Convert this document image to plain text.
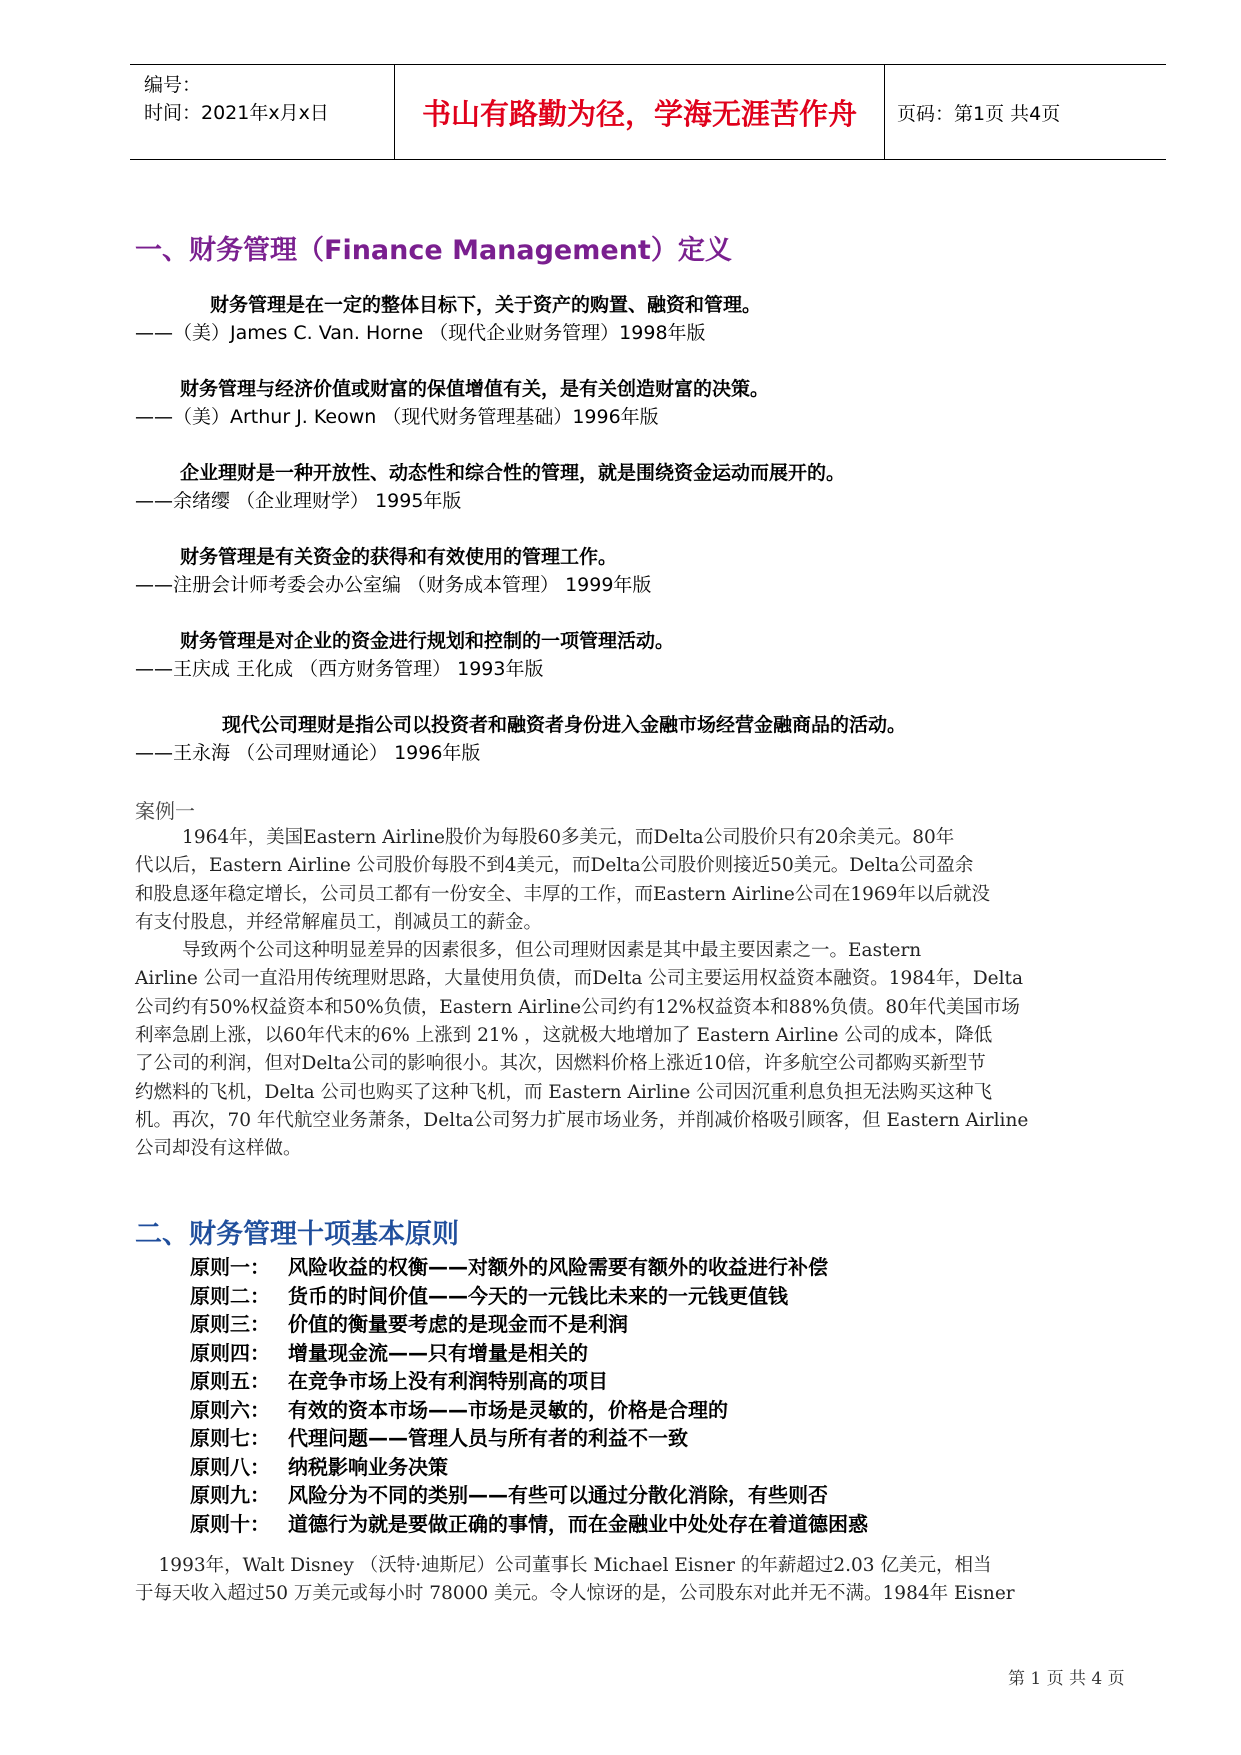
编号：
时间：2021年x月x日	书山有路勤为径，学海无涯苦作舟	页码：第1页 共4页
一、财务管理（Finance Management）定义
财务管理是在一定的整体目标下，关于资产的购置、融资和管理。
——（美）James C. Van. Horne （现代企业财务管理）1998年版
财务管理与经济价值或财富的保值增值有关，是有关创造财富的决策。
——（美）Arthur J. Keown （现代财务管理基础）1996年版
企业理财是一种开放性、动态性和综合性的管理，就是围绕资金运动而展开的。
——余绪缨 （企业理财学） 1995年版
财务管理是有关资金的获得和有效使用的管理工作。
——注册会计师考委会办公室编 （财务成本管理） 1999年版
财务管理是对企业的资金进行规划和控制的一项管理活动。
——王庆成 王化成 （西方财务管理） 1993年版
现代公司理财是指公司以投资者和融资者身份进入金融市场经营金融商品的活动。
——王永海 （公司理财通论） 1996年版
案例一
1964年，美国Eastern Airline股价为每股60多美元，而Delta公司股价只有20余美元。80年
代以后，Eastern Airline 公司股价每股不到4美元，而Delta公司股价则接近50美元。Delta公司盈余
和股息逐年稳定增长，公司员工都有一份安全、丰厚的工作，而Eastern Airline公司在1969年以后就没
有支付股息，并经常解雇员工，削减员工的薪金。
导致两个公司这种明显差异的因素很多，但公司理财因素是其中最主要因素之一。Eastern
Airline 公司一直沿用传统理财思路，大量使用负债，而Delta 公司主要运用权益资本融资。1984年，Delta
公司约有50%权益资本和50%负债，Eastern Airline公司约有12%权益资本和88%负债。80年代美国市场
利率急剧上涨，以60年代末的6% 上涨到 21% ，这就极大地增加了 Eastern Airline 公司的成本，降低
了公司的利润，但对Delta公司的影响很小。其次，因燃料价格上涨近10倍，许多航空公司都购买新型节
约燃料的飞机，Delta 公司也购买了这种飞机，而 Eastern Airline 公司因沉重利息负担无法购买这种飞
机。再次，70 年代航空业务萧条，Delta公司努力扩展市场业务，并削减价格吸引顾客，但 Eastern Airline
公司却没有这样做。
二、财务管理十项基本原则
原则一： 风险收益的权衡——对额外的风险需要有额外的收益进行补偿
原则二： 货币的时间价值——今天的一元钱比未来的一元钱更值钱
原则三： 价值的衡量要考虑的是现金而不是利润
原则四： 增量现金流——只有增量是相关的
原则五： 在竞争市场上没有利润特别高的项目
原则六： 有效的资本市场——市场是灵敏的，价格是合理的
原则七： 代理问题——管理人员与所有者的利益不一致
原则八： 纳税影响业务决策
原则九： 风险分为不同的类别——有些可以通过分散化消除，有些则否
原则十： 道德行为就是要做正确的事情，而在金融业中处处存在着道德困惑
1993年，Walt Disney （沃特·迪斯尼）公司董事长 Michael Eisner 的年薪超过2.03 亿美元，相当
于每天收入超过50 万美元或每小时 78000 美元。令人惊讶的是，公司股东对此并无不满。1984年 Eisner
第 1 页 共 4 页
